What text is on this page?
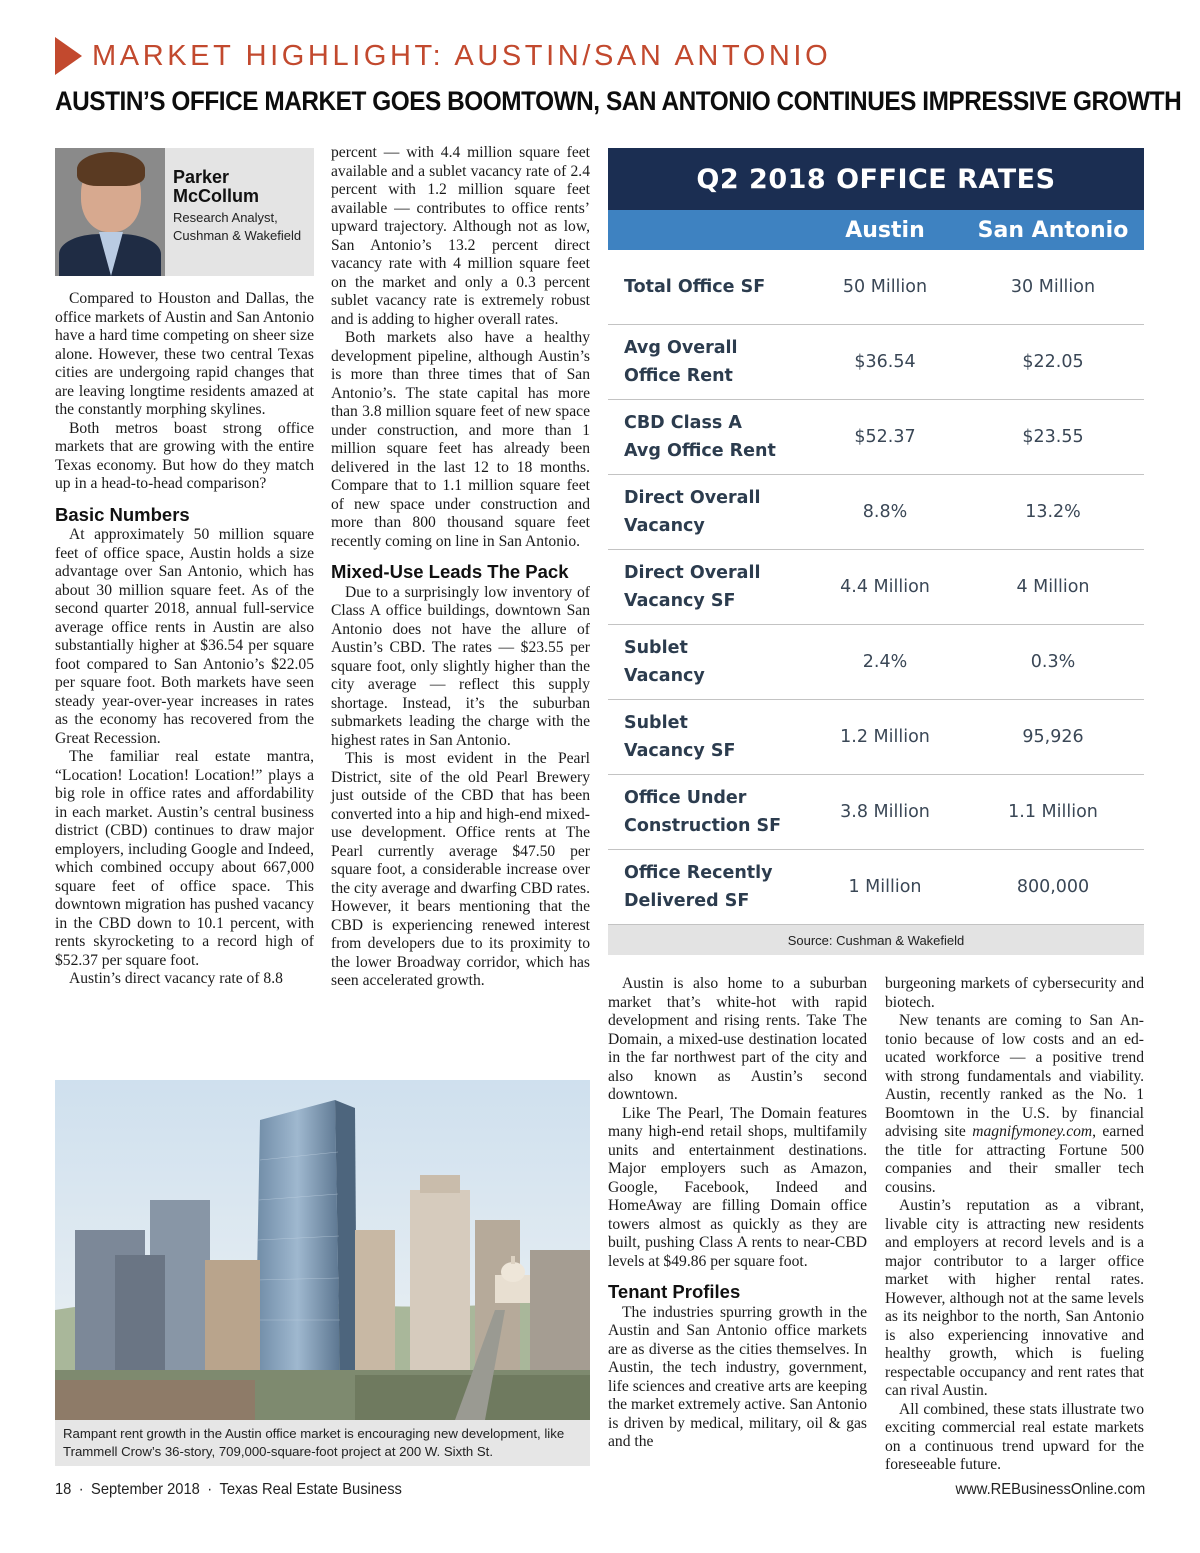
MARKET HIGHLIGHT: AUSTIN/SAN ANTONIO
AUSTIN’S OFFICE MARKET GOES BOOMTOWN, SAN ANTONIO CONTINUES IMPRESSIVE GROWTH
Parker McCollum
Research Analyst,
Cushman & Wakefield

Compared to Houston and Dallas, the office markets of Austin and San Antonio have a hard time competing on sheer size alone. However, these two central Texas cities are undergoing rapid changes that are leaving longtime residents amazed at the constantly morphing skylines.

Both metros boast strong office markets that are growing with the entire Texas economy. But how do they match up in a head-to-head comparison?

Basic Numbers

At approximately 50 million square feet of office space, Austin holds a size advantage over San Antonio, which has about 30 million square feet. As of the second quarter 2018, annual full-service average office rents in Austin are also substantially higher at $36.54 per square foot compared to San Antonio’s $22.05 per square foot. Both markets have seen steady year-over-year increases in rates as the economy has recovered from the Great Recession.

The familiar real estate mantra, “Location! Location! Location!” plays a big role in office rates and affordability in each market. Austin’s central business district (CBD) continues to draw major employers, including Google and Indeed, which combined occupy about 667,000 square feet of office space. This downtown migration has pushed vacancy in the CBD down to 10.1 percent, with rents skyrocketing to a record high of $52.37 per square foot.

Austin’s direct vacancy rate of 8.8

percent — with 4.4 million square feet available and a sublet vacancy rate of 2.4 percent with 1.2 million square feet available — contributes to office rents’ upward trajectory. Although not as low, San Antonio’s 13.2 percent direct vacancy rate with 4 million square feet on the market and only a 0.3 percent sublet vacancy rate is extremely robust and is adding to higher overall rates.

Both markets also have a healthy development pipeline, although Austin’s is more than three times that of San Antonio’s. The state capital has more than 3.8 million square feet of new space under construction, and more than 1 million square feet has already been delivered in the last 12 to 18 months. Compare that to 1.1 million square feet of new space under construction and more than 800 thousand square feet recently coming on line in San Antonio.

Mixed-Use Leads The Pack

Due to a surprisingly low inventory of Class A office buildings, downtown San Antonio does not have the allure of Austin’s CBD. The rates — $23.55 per square foot, only slightly higher than the city average — reflect this supply shortage. Instead, it’s the suburban submarkets leading the charge with the highest rates in San Antonio.

This is most evident in the Pearl District, site of the old Pearl Brewery just outside of the CBD that has been converted into a hip and high-end mixed-use development. Office rents at The Pearl currently average $47.50 per square foot, a considerable increase over the city average and dwarfing CBD rates. However, it bears mentioning that the CBD is experiencing renewed interest from developers due to its proximity to the lower Broadway corridor, which has seen accelerated growth.

Q2 2018 OFFICE RATES
Austin	San Antonio
Total Office SF	50 Million	30 Million
Avg Overall
Office Rent
$36.54	$22.05
CBD Class A
Avg Office Rent
$52.37	$23.55
Direct Overall
Vacancy
8.8%	13.2%
Direct Overall
Vacancy SF
4.4 Million	4 Million
Sublet
Vacancy
2.4%	0.3%
Sublet
Vacancy SF
1.2 Million	95,926
Office Under
Construction SF
3.8 Million	1.1 Million
Office Recently
Delivered SF
1 Million	800,000
Source: Cushman & Wakefield

Austin is also home to a suburban market that’s white-hot with rapid development and rising rents. Take The Domain, a mixed-use destination located in the far northwest part of the city and also known as Austin’s second downtown.

Like The Pearl, The Domain features many high-end retail shops, multifamily units and entertainment destinations. Major employers such as Amazon, Google, Facebook, Indeed and HomeAway are filling Domain office towers almost as quickly as they are built, pushing Class A rents to near-CBD levels at $49.86 per square foot.

Tenant Profiles

The industries spurring growth in the Austin and San Antonio office markets are as diverse as the cities themselves. In Austin, the tech industry, government, life sciences and creative arts are keeping the market extremely active. San Antonio is driven by medical, military, oil & gas and the

burgeoning markets of cybersecurity and biotech.

New tenants are coming to San Antonio because of low costs and an educated workforce — a positive trend with strong fundamentals and viability. Austin, recently ranked as the No. 1 Boomtown in the U.S. by financial advising site magnifymoney.com, earned the title for attracting Fortune 500 companies and their smaller tech cousins.

Austin’s reputation as a vibrant, livable city is attracting new residents and employers at record levels and is a major contributor to a larger office market with higher rental rates. However, although not at the same levels as its neighbor to the north, San Antonio is also experiencing innovative and healthy growth, which is fueling respectable occupancy and rent rates that can rival Austin.

All combined, these stats illustrate two exciting commercial real estate markets on a continuous trend upward for the foreseeable future.

Rampant rent growth in the Austin office market is encouraging new development, like Trammell Crow’s 36-story, 709,000-square-foot project at 200 W. Sixth St.
18 · September 2018 · Texas Real Estate Business	www.REBusinessOnline.com
